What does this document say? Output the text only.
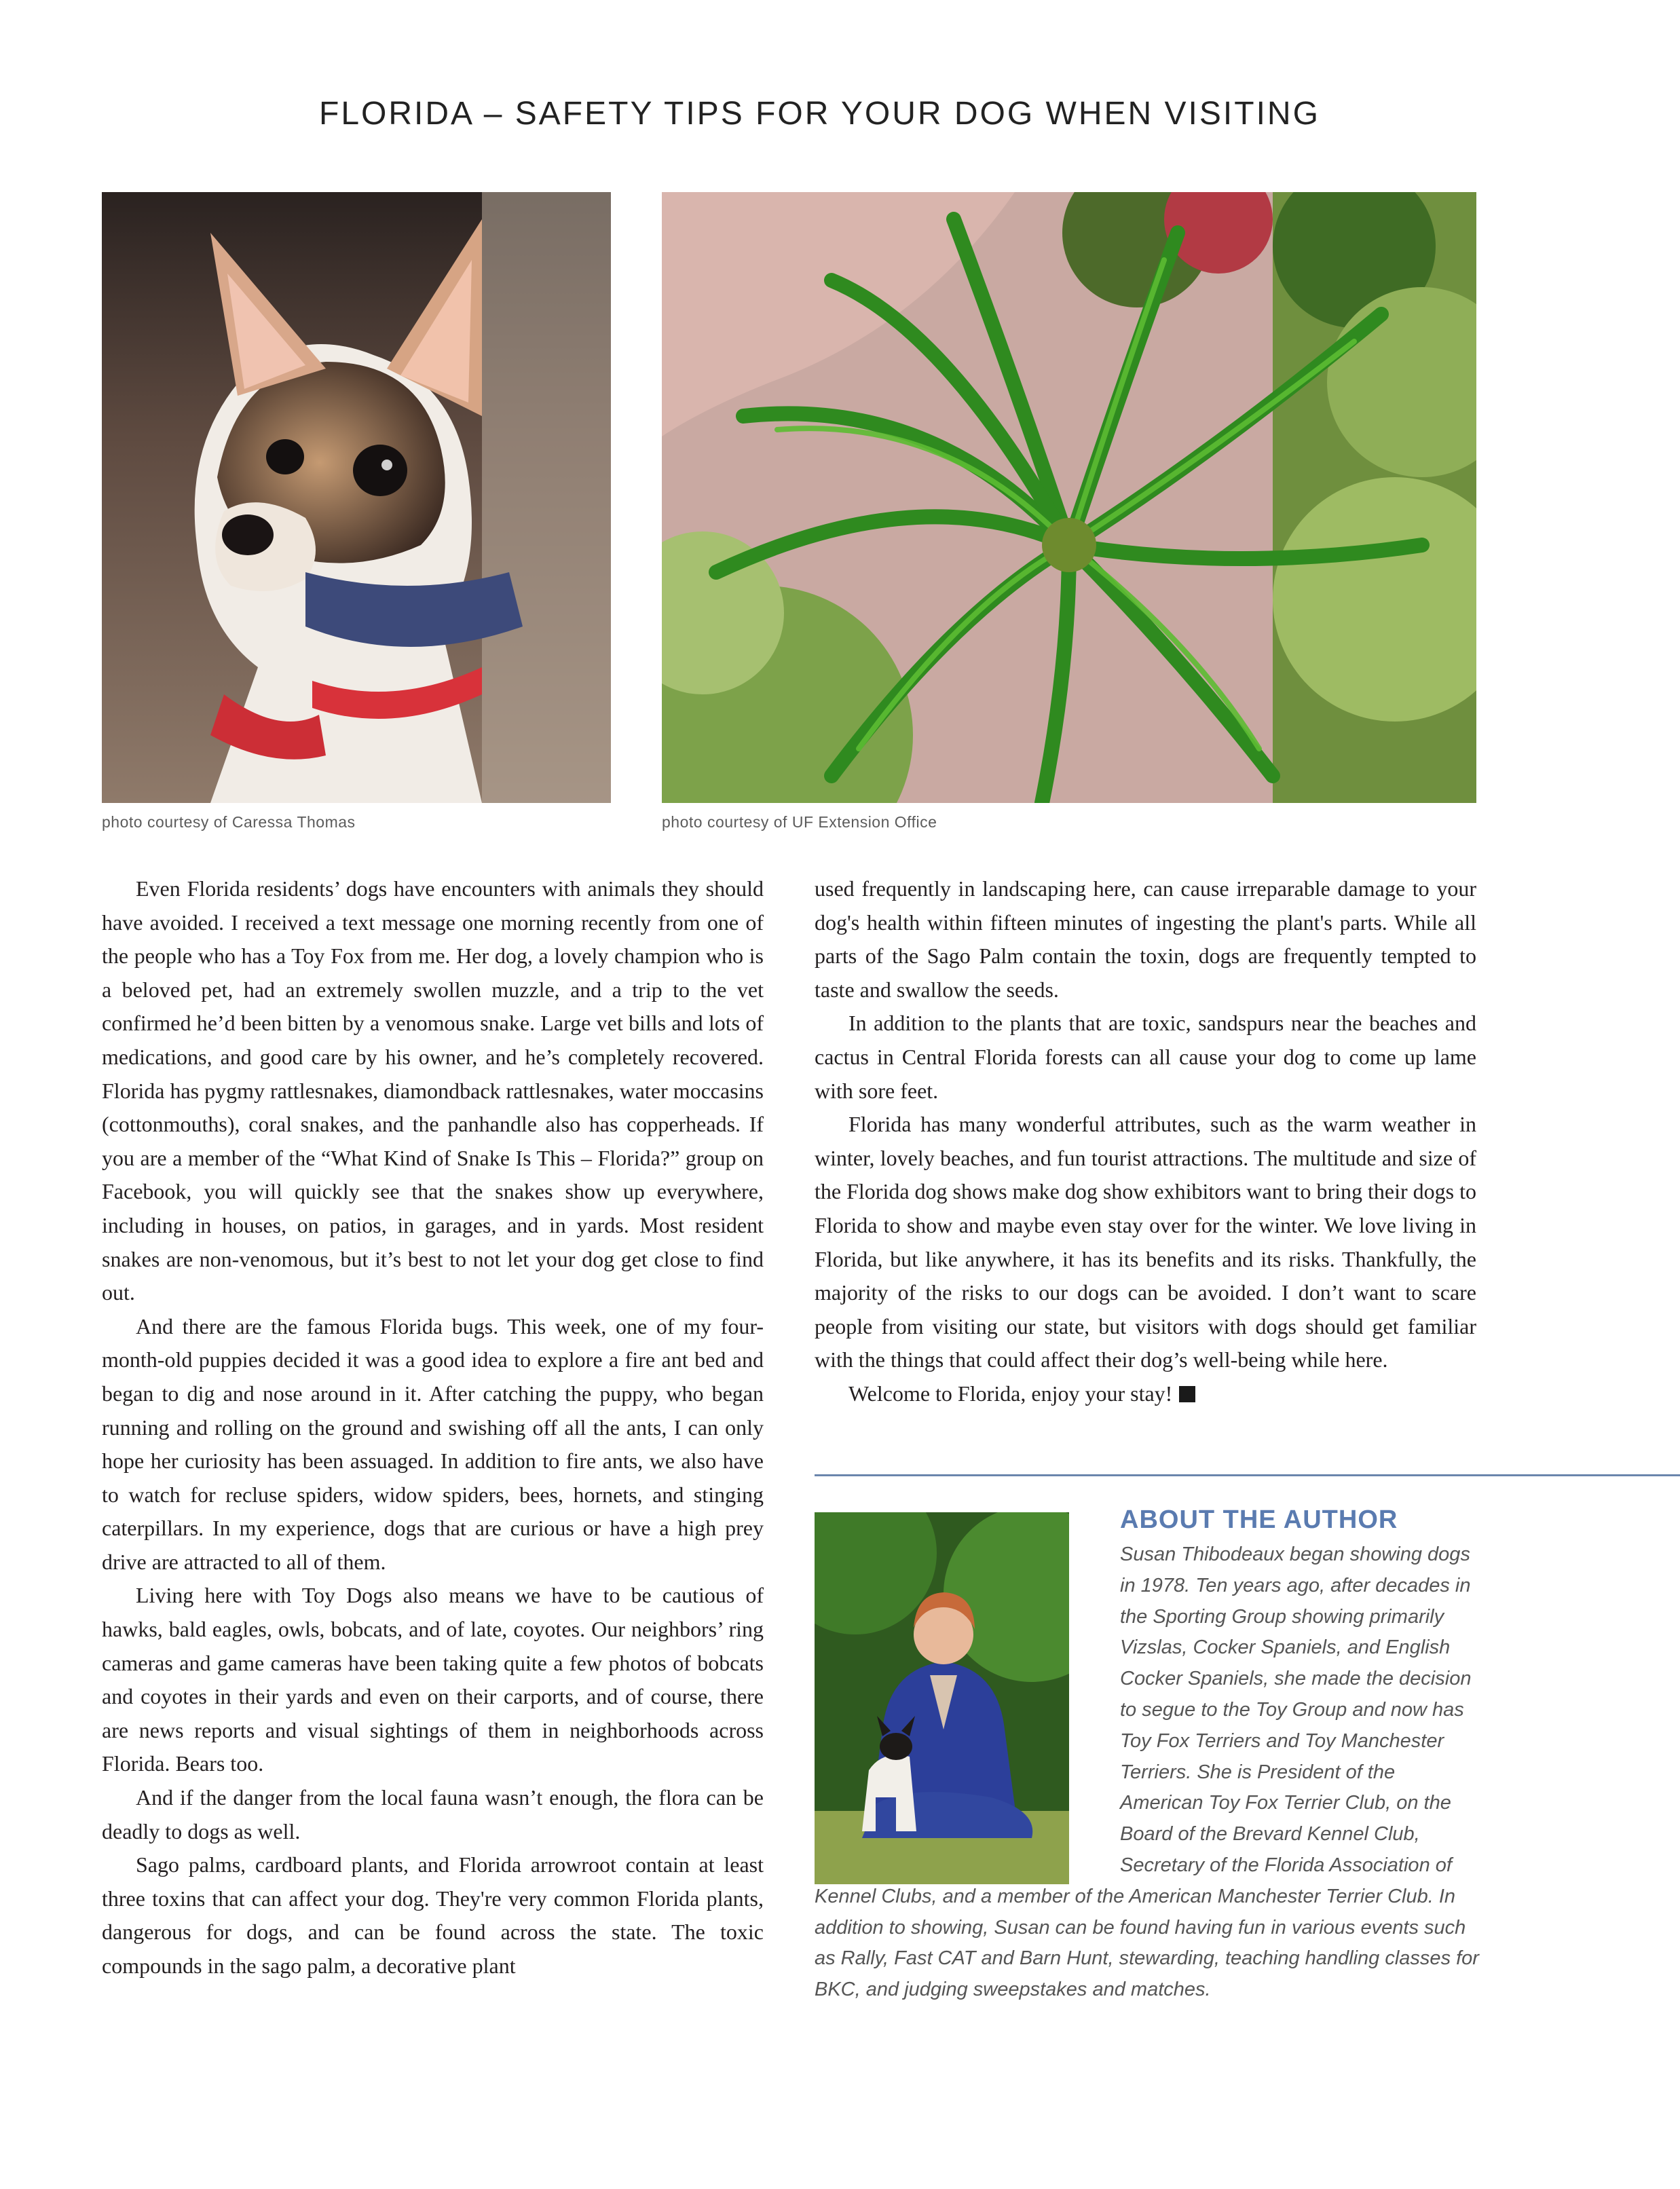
FLORIDA – SAFETY TIPS FOR YOUR DOG WHEN VISITING
photo courtesy of Caressa Thomas	photo courtesy of UF Extension Office

Even Florida residents’ dogs have encounters with animals they should have avoided. I received a text message one morning recently from one of the people who has a Toy Fox from me. Her dog, a lovely champion who is a beloved pet, had an extremely swollen muzzle, and a trip to the vet confirmed he’d been bitten by a venomous snake. Large vet bills and lots of medications, and good care by his owner, and he’s completely recovered. Florida has pygmy rattlesnakes, diamondback rattlesnakes, water moccasins (cottonmouths), coral snakes, and the panhandle also has copperheads. If you are a member of the “What Kind of Snake Is This – Florida?” group on Facebook, you will quickly see that the snakes show up everywhere, including in houses, on patios, in garages, and in yards. Most resident snakes are non-venomous, but it’s best to not let your dog get close to find out.

And there are the famous Florida bugs. This week, one of my four-month-old puppies decided it was a good idea to explore a fire ant bed and began to dig and nose around in it. After catching the puppy, who began running and rolling on the ground and swishing off all the ants, I can only hope her curiosity has been assuaged. In addition to fire ants, we also have to watch for recluse spiders, widow spiders, bees, hornets, and stinging caterpillars. In my experience, dogs that are curious or have a high prey drive are attracted to all of them.

Living here with Toy Dogs also means we have to be cautious of hawks, bald eagles, owls, bobcats, and of late, coyotes. Our neighbors’ ring cameras and game cameras have been taking quite a few photos of bobcats and coyotes in their yards and even on their carports, and of course, there are news reports and visual sightings of them in neighborhoods across Florida. Bears too.

And if the danger from the local fauna wasn’t enough, the flora can be deadly to dogs as well.

Sago palms, cardboard plants, and Florida arrowroot contain at least three toxins that can affect your dog. They're very common Florida plants, dangerous for dogs, and can be found across the state. The toxic compounds in the sago palm, a decorative plant

used frequently in landscaping here, can cause irreparable damage to your dog's health within fifteen minutes of ingesting the plant's parts. While all parts of the Sago Palm contain the toxin, dogs are frequently tempted to taste and swallow the seeds.

In addition to the plants that are toxic, sandspurs near the beaches and cactus in Central Florida forests can all cause your dog to come up lame with sore feet.

Florida has many wonderful attributes, such as the warm weather in winter, lovely beaches, and fun tourist attractions. The multitude and size of the Florida dog shows make dog show exhibitors want to bring their dogs to Florida to show and maybe even stay over for the winter. We love living in Florida, but like anywhere, it has its benefits and its risks. Thankfully, the majority of the risks to our dogs can be avoided. I don’t want to scare people from visiting our state, but visitors with dogs should get familiar with the things that could affect their dog’s well-being while here.

Welcome to Florida, enjoy your stay!

ABOUT THE AUTHOR

Susan Thibodeaux began showing dogs in 1978. Ten years ago, after decades in the Sporting Group showing primarily Vizslas, Cocker Spaniels, and English Cocker Spaniels, she made the decision to segue to the Toy Group and now has Toy Fox Terriers and Toy Manchester Terriers. She is President of the American Toy Fox Terrier Club, on the Board of the Brevard Kennel Club, Secretary of the Florida Association of Kennel Clubs, and a member of the American Manchester Terrier Club. In addition to showing, Susan can be found having fun in various events such as Rally, Fast CAT and Barn Hunt, stewarding, teaching handling classes for BKC, and judging sweepstakes and matches.
